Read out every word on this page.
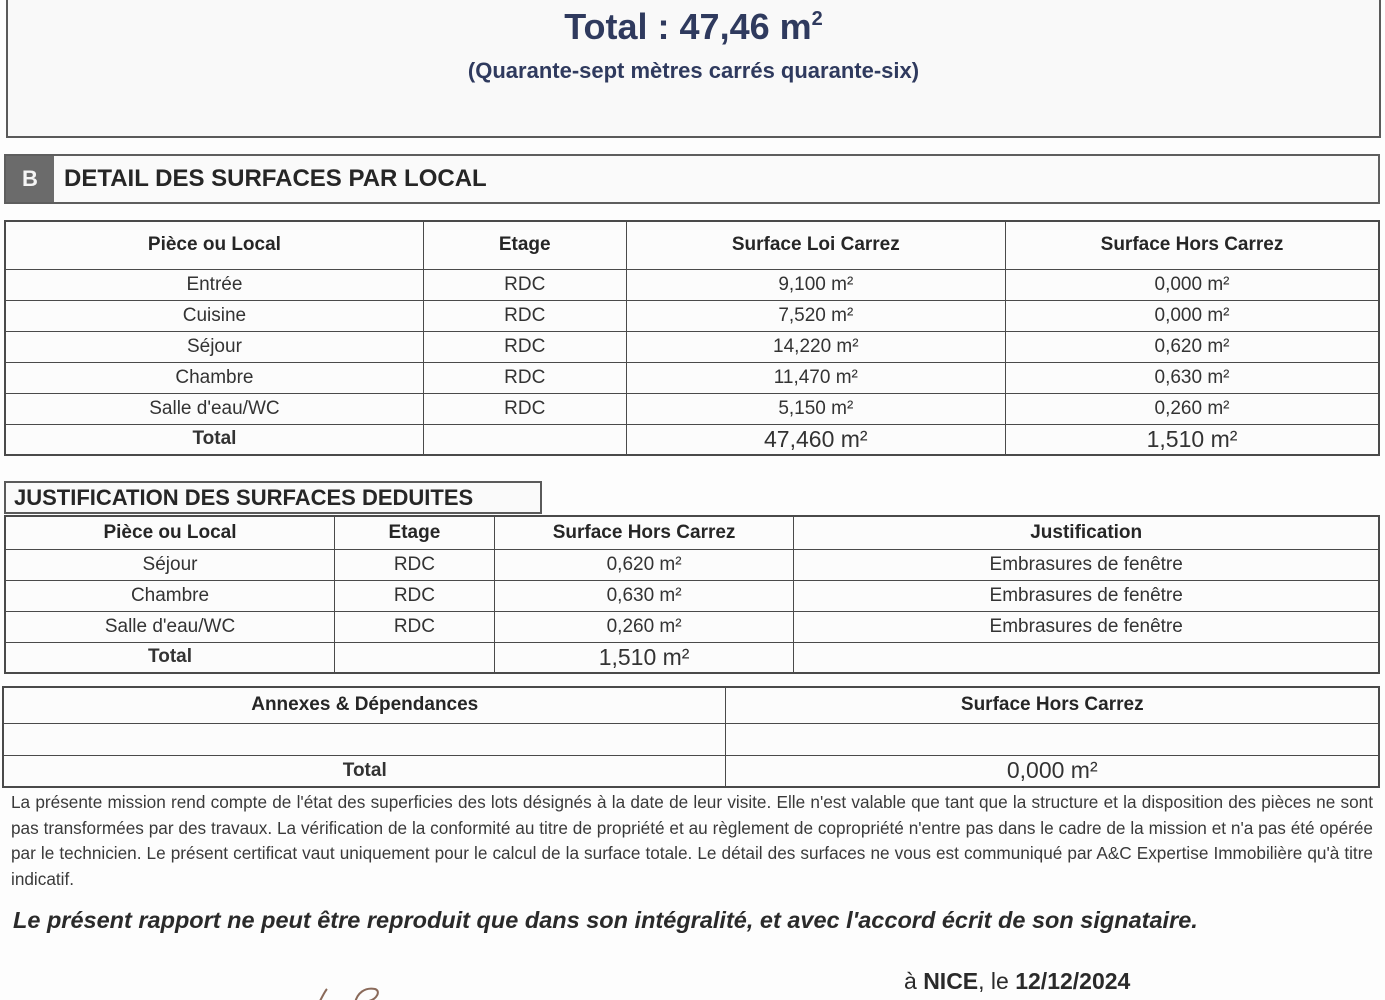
Total : 47,46 $m^2$
(Quarante-sept mètres carrés quarante-six)
B	DETAIL DES SURFACES PAR LOCAL
Pièce ou Local	Etage	Surface Loi Carrez	Surface Hors Carrez
Entrée	RDC	9,100 m²	0,000 m²
Cuisine	RDC	7,520 m²	0,000 m²
Séjour	RDC	14,220 m²	0,620 m²
Chambre	RDC	11,470 m²	0,630 m²
Salle d'eau/WC	RDC	5,150 m²	0,260 m²
Total		47,460 m²	1,510 m²
JUSTIFICATION DES SURFACES DEDUITES
Pièce ou Local	Etage	Surface Hors Carrez	Justification
Séjour	RDC	0,620 m²	Embrasures de fenêtre
Chambre	RDC	0,630 m²	Embrasures de fenêtre
Salle d'eau/WC	RDC	0,260 m²	Embrasures de fenêtre
Total		1,510 m²	
Annexes & Dépendances	Surface Hors Carrez

Total	0,000 m²

La présente mission rend compte de l'état des superficies des lots désignés à la date de leur visite. Elle n'est valable que tant que la structure et la disposition des pièces ne sont pas transformées par des travaux. La vérification de la conformité au titre de propriété et au règlement de copropriété n'entre pas dans le cadre de la mission et n'a pas été opérée par le technicien. Le présent certificat vaut uniquement pour le calcul de la surface totale. Le détail des surfaces ne vous est communiqué par A&C Expertise Immobilière qu'à titre indicatif.

Le présent rapport ne peut être reproduit que dans son intégralité, et avec l'accord écrit de son signataire.

à NICE, le 12/12/2024
